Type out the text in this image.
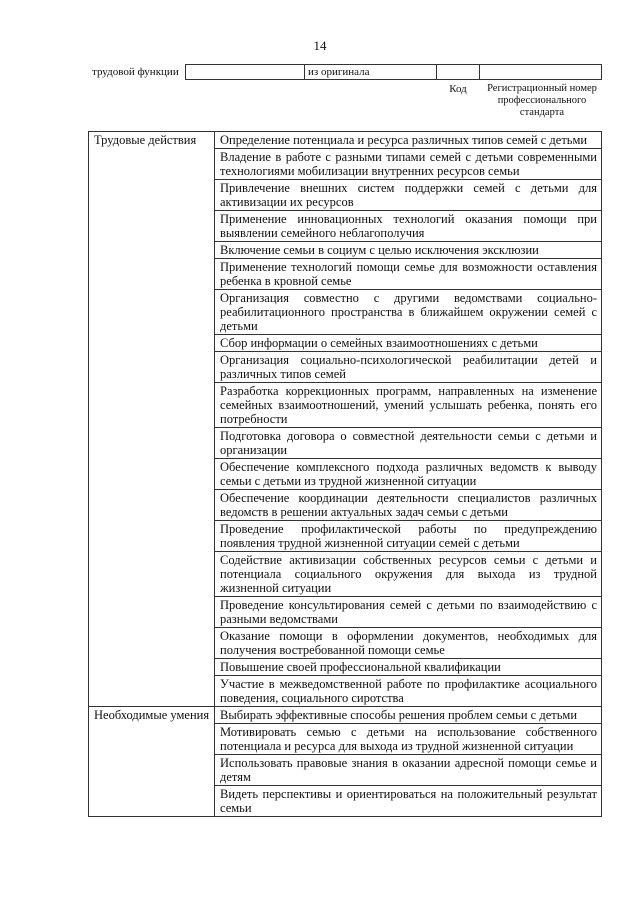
14
трудовой функции	из оригинала
Код	Регистрационный номер профессионального стандарта
Трудовые действия	Определение потенциала и ресурса различных типов семей с детьми
	Владение в работе с разными типами семей с детьми современными технологиями мобилизации внутренних ресурсов семьи
	Привлечение внешних систем поддержки семей с детьми для активизации их ресурсов
	Применение инновационных технологий оказания помощи при выявлении семейного неблагополучия
	Включение семьи в социум с целью исключения эксклюзии
	Применение технологий помощи семье для возможности оставления ребенка в кровной семье
	Организация совместно с другими ведомствами социально-реабилитационного пространства в ближайшем окружении семей с детьми
	Сбор информации о семейных взаимоотношениях с детьми
	Организация социально-психологической реабилитации детей и различных типов семей
	Разработка коррекционных программ, направленных на изменение семейных взаимоотношений, умений услышать ребенка, понять его потребности
	Подготовка договора о совместной деятельности семьи с детьми и организации
	Обеспечение комплексного подхода различных ведомств к выводу семьи с детьми из трудной жизненной ситуации
	Обеспечение координации деятельности специалистов различных ведомств в решении актуальных задач семьи с детьми
	Проведение профилактической работы по предупреждению появления трудной жизненной ситуации семей с детьми
	Содействие активизации собственных ресурсов семьи с детьми и потенциала социального окружения для выхода из трудной жизненной ситуации
	Проведение консультирования семей с детьми по взаимодействию с разными ведомствами
	Оказание помощи в оформлении документов, необходимых для получения востребованной помощи семье
	Повышение своей профессиональной квалификации
	Участие в межведомственной работе по профилактике асоциального поведения, социального сиротства
Необходимые умения	Выбирать эффективные способы решения проблем семьи с детьми
	Мотивировать семью с детьми на использование собственного потенциала и ресурса для выхода из трудной жизненной ситуации
	Использовать правовые знания в оказании адресной помощи семье и детям
	Видеть перспективы и ориентироваться на положительный результат семьи
